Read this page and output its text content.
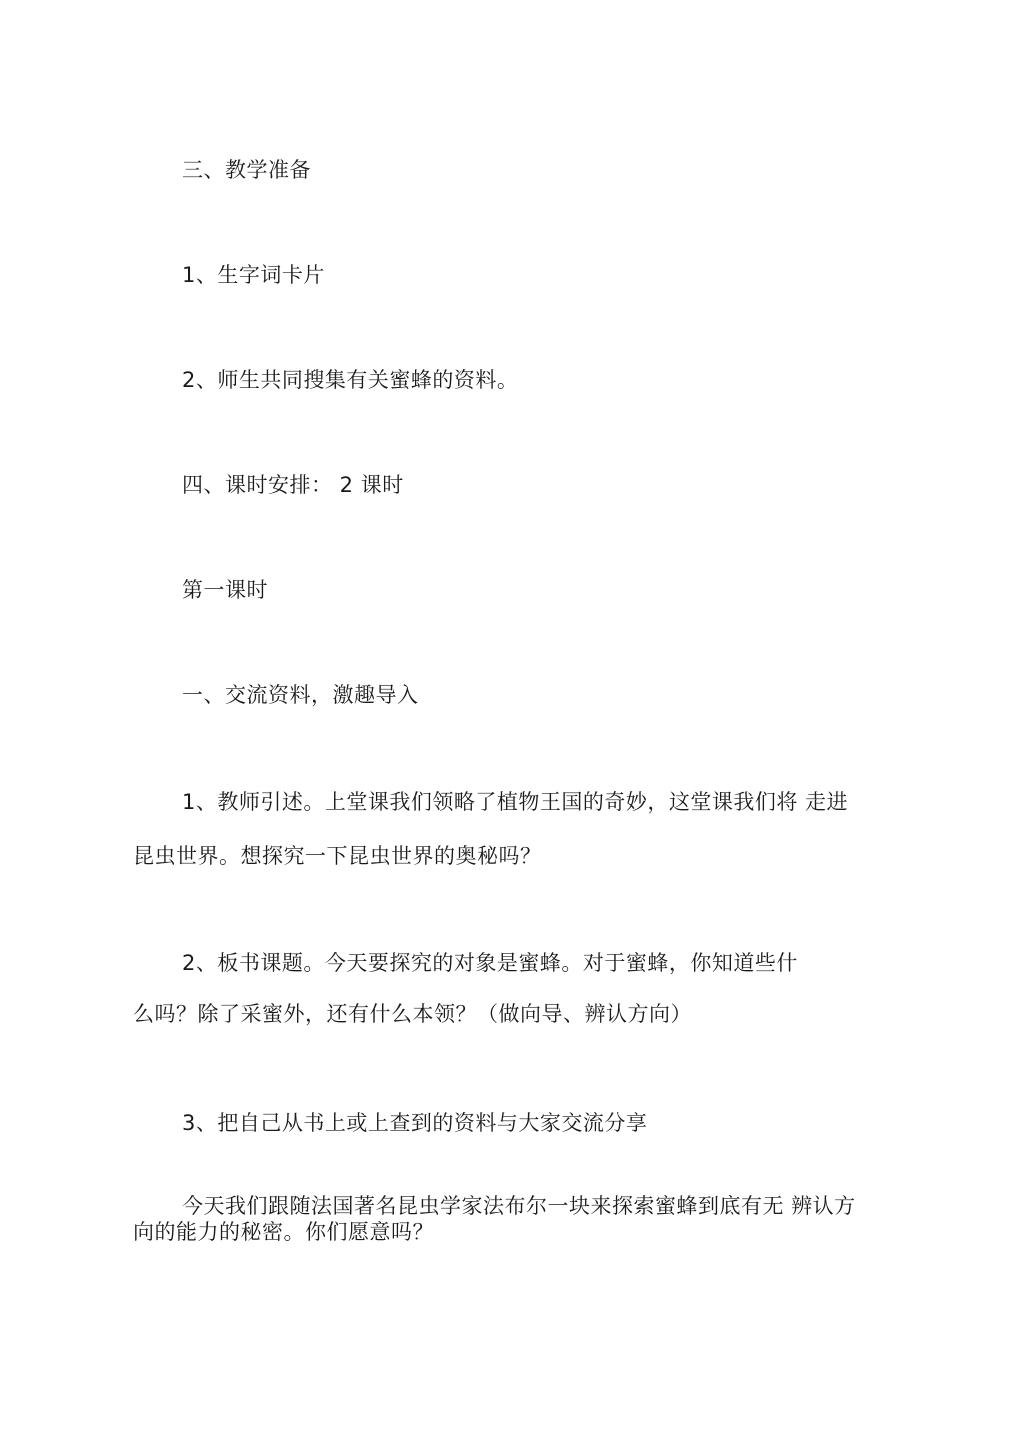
三、教学准备
1、生字词卡片
2、师生共同搜集有关蜜蜂的资料。
四、课时安排： 2 课时
第一课时
一、交流资料，激趣导入
1、教师引述。上堂课我们领略了植物王国的奇妙，这堂课我们将 走进
昆虫世界。想探究一下昆虫世界的奥秘吗？
2、板书课题。今天要探究的对象是蜜蜂。对于蜜蜂，你知道些什
么吗？除了采蜜外，还有什么本领？（做向导、辨认方向）
3、把自己从书上或上查到的资料与大家交流分享
今天我们跟随法国著名昆虫学家法布尔一块来探索蜜蜂到底有无 辨认方
向的能力的秘密。你们愿意吗？
